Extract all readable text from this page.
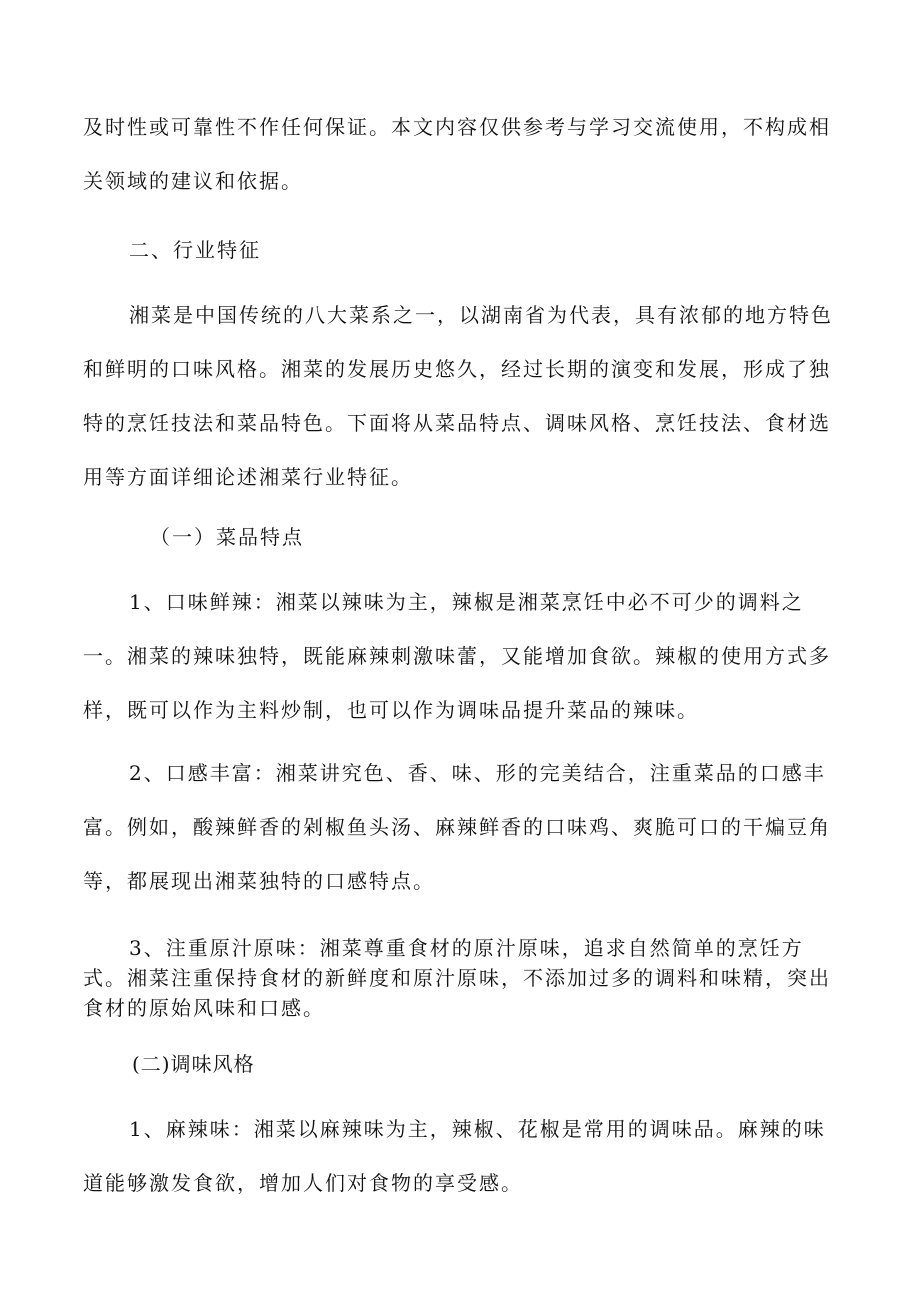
及时性或可靠性不作任何保证。本文内容仅供参考与学习交流使用，不构成相关领域的建议和依据。

二、行业特征

湘菜是中国传统的八大菜系之一，以湖南省为代表，具有浓郁的地方特色和鲜明的口味风格。湘菜的发展历史悠久，经过长期的演变和发展，形成了独特的烹饪技法和菜品特色。下面将从菜品特点、调味风格、烹饪技法、食材选用等方面详细论述湘菜行业特征。

（一）菜品特点

1、口味鲜辣：湘菜以辣味为主，辣椒是湘菜烹饪中必不可少的调料之一。湘菜的辣味独特，既能麻辣刺激味蕾，又能增加食欲。辣椒的使用方式多样，既可以作为主料炒制，也可以作为调味品提升菜品的辣味。

2、口感丰富：湘菜讲究色、香、味、形的完美结合，注重菜品的口感丰富。例如，酸辣鲜香的剁椒鱼头汤、麻辣鲜香的口味鸡、爽脆可口的干煸豆角等，都展现出湘菜独特的口感特点。

3、注重原汁原味：湘菜尊重食材的原汁原味，追求自然简单的烹饪方式。湘菜注重保持食材的新鲜度和原汁原味，不添加过多的调料和味精，突出食材的原始风味和口感。

(二)调味风格

1、麻辣味：湘菜以麻辣味为主，辣椒、花椒是常用的调味品。麻辣的味道能够激发食欲，增加人们对食物的享受感。
